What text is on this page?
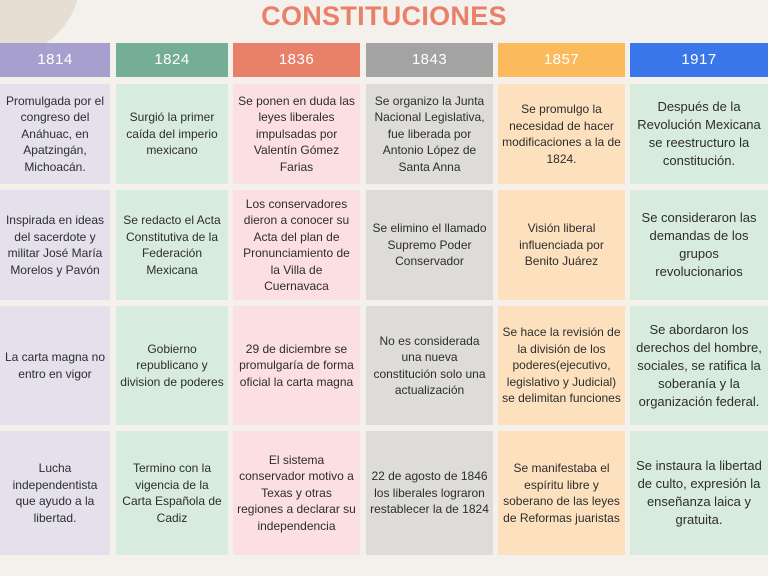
CONSTITUCIONES
1814
Promulgada por el congreso del Anáhuac, en Apatzingán, Michoacán.
Inspirada en ideas del sacerdote y militar José María Morelos y Pavón
La carta magna no entro en vigor
Lucha independentista que ayudo a la libertad.
1824
Surgió la primer caída del imperio mexicano
Se redacto el Acta Constitutiva de la Federación Mexicana
Gobierno republicano y division de poderes
Termino con la vigencia de la Carta Española de Cadiz
1836
Se ponen en duda las leyes liberales impulsadas por Valentín Gómez Farias
Los conservadores dieron a conocer su Acta del plan de Pronunciamiento de la Villa de Cuernavaca
29 de diciembre se promulgaría de forma oficial la carta magna
El sistema conservador motivo a Texas y otras regiones a declarar su independencia
1843
Se organizo la Junta Nacional Legislativa, fue liberada por Antonio López de Santa Anna
Se elimino el llamado Supremo Poder Conservador
No es considerada una nueva constitución solo una actualización
22 de agosto de 1846 los liberales lograron restablecer la de 1824
1857
Se promulgo la necesidad de hacer modificaciones a la de 1824.
Visión liberal influenciada por Benito Juárez
Se hace la revisión de la división de los poderes(ejecutivo, legislativo y Judicial) se delimitan funciones
Se manifestaba el espíritu libre y soberano de las leyes de Reformas juaristas
1917
Después de la Revolución Mexicana se reestructuro la constitución.
Se consideraron las demandas de los grupos revolucionarios
Se abordaron los derechos del hombre, sociales, se ratifica la soberanía y la organización federal.
Se instaura la libertad de culto, expresión la enseñanza laica y gratuita.
